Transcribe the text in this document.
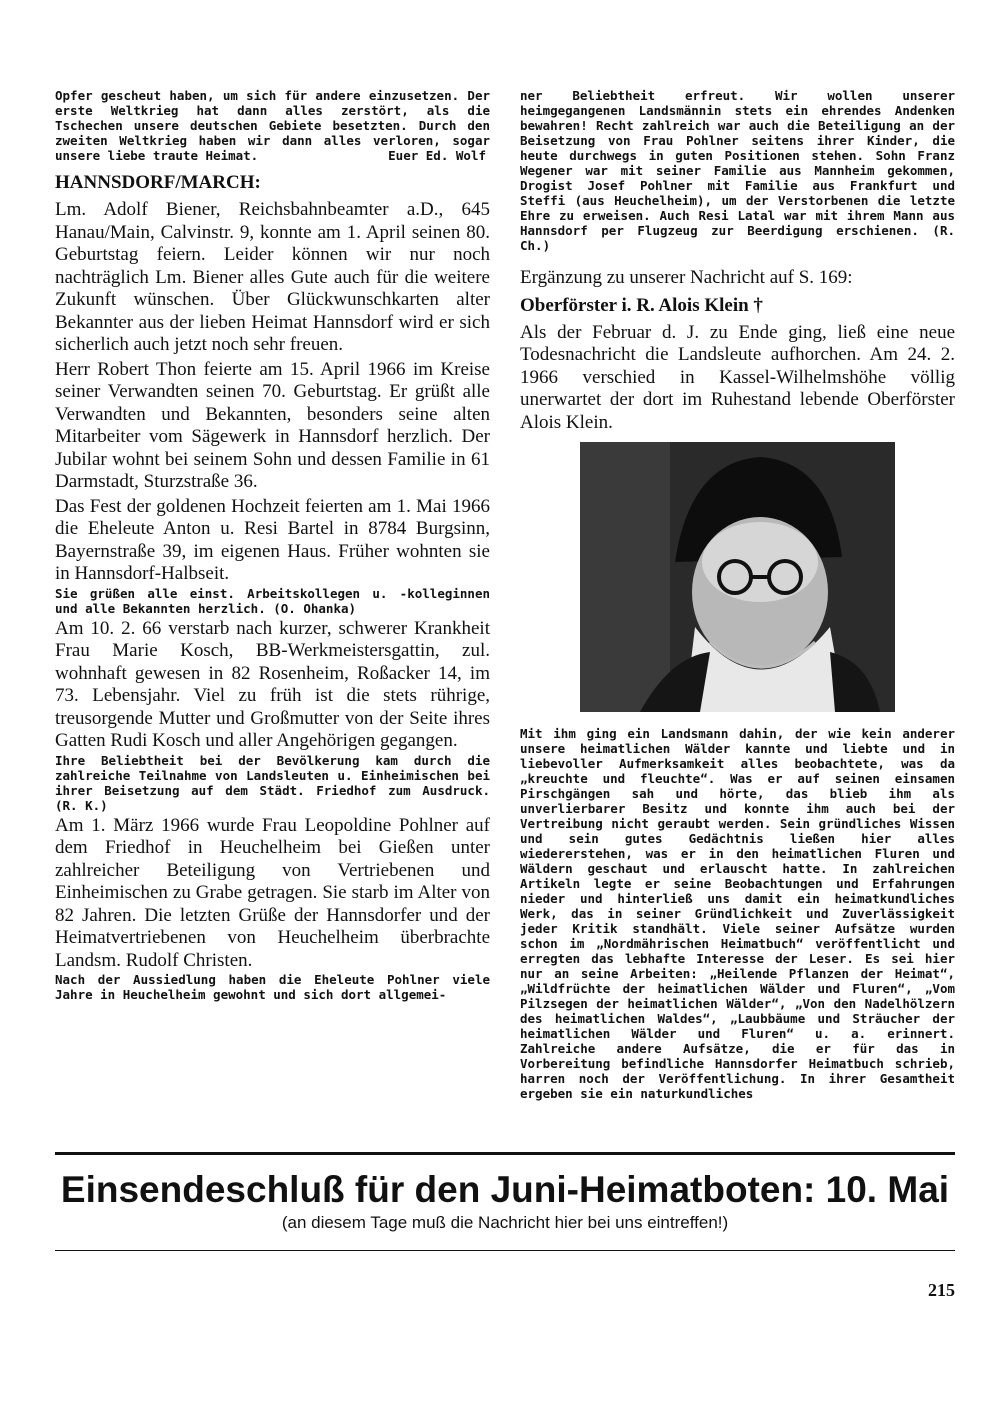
Opfer gescheut haben, um sich für andere einzusetzen. Der erste Weltkrieg hat dann alles zerstört, als die Tschechen unsere deutschen Gebiete besetzten. Durch den zweiten Weltkrieg haben wir dann alles verloren, sogar unsere liebe traute Heimat.	Euer Ed. Wolf

HANNSDORF/MARCH:

Lm. Adolf Biener, Reichsbahnbeamter a.D., 645 Hanau/Main, Calvinstr. 9, konnte am 1. April seinen 80. Geburtstag feiern. Leider können wir nur noch nachträglich Lm. Biener alles Gute auch für die weitere Zukunft wünschen. Über Glückwunschkarten alter Bekannter aus der lieben Heimat Hannsdorf wird er sich sicherlich auch jetzt noch sehr freuen.

Herr Robert Thon feierte am 15. April 1966 im Kreise seiner Verwandten seinen 70. Geburtstag. Er grüßt alle Verwandten und Bekannten, besonders seine alten Mitarbeiter vom Sägewerk in Hannsdorf herzlich. Der Jubilar wohnt bei seinem Sohn und dessen Familie in 61 Darmstadt, Sturzstraße 36.

Das Fest der goldenen Hochzeit feierten am 1. Mai 1966 die Eheleute Anton u. Resi Bartel in 8784 Burgsinn, Bayernstraße 39, im eigenen Haus. Früher wohnten sie in Hannsdorf-Halbseit.

Sie grüßen alle einst. Arbeitskollegen u. -kolleginnen und alle Bekannten herzlich. (O. Ohanka)

Am 10. 2. 66 verstarb nach kurzer, schwerer Krankheit Frau Marie Kosch, BB-Werkmeistersgattin, zul. wohnhaft gewesen in 82 Rosenheim, Roßacker 14, im 73. Lebensjahr. Viel zu früh ist die stets rührige, treusorgende Mutter und Großmutter von der Seite ihres Gatten Rudi Kosch und aller Angehörigen gegangen.

Ihre Beliebtheit bei der Bevölkerung kam durch die zahlreiche Teilnahme von Landsleuten u. Einheimischen bei ihrer Beisetzung auf dem Städt. Friedhof zum Ausdruck. (R. K.)

Am 1. März 1966 wurde Frau Leopoldine Pohlner auf dem Friedhof in Heuchelheim bei Gießen unter zahlreicher Beteiligung von Vertriebenen und Einheimischen zu Grabe getragen. Sie starb im Alter von 82 Jahren. Die letzten Grüße der Hannsdorfer und der Heimatvertriebenen von Heuchelheim überbrachte Landsm. Rudolf Christen.

Nach der Aussiedlung haben die Eheleute Pohlner viele Jahre in Heuchelheim gewohnt und sich dort allgemei-

ner Beliebtheit erfreut. Wir wollen unserer heimgegangenen Landsmännin stets ein ehrendes Andenken bewahren! Recht zahlreich war auch die Beteiligung an der Beisetzung von Frau Pohlner seitens ihrer Kinder, die heute durchwegs in guten Positionen stehen. Sohn Franz Wegener war mit seiner Familie aus Mannheim gekommen, Drogist Josef Pohlner mit Familie aus Frankfurt und Steffi (aus Heuchelheim), um der Verstorbenen die letzte Ehre zu erweisen. Auch Resi Latal war mit ihrem Mann aus Hannsdorf per Flugzeug zur Beerdigung erschienen. (R. Ch.)

Ergänzung zu unserer Nachricht auf S. 169:

Oberförster i. R. Alois Klein †

Als der Februar d. J. zu Ende ging, ließ eine neue Todesnachricht die Landsleute aufhorchen. Am 24. 2. 1966 verschied in Kassel-Wilhelmshöhe völlig unerwartet der dort im Ruhestand lebende Oberförster Alois Klein.

Mit ihm ging ein Landsmann dahin, der wie kein anderer unsere heimatlichen Wälder kannte und liebte und in liebevoller Aufmerksamkeit alles beobachtete, was da „kreuchte und fleuchte“. Was er auf seinen einsamen Pirschgängen sah und hörte, das blieb ihm als unverlierbarer Besitz und konnte ihm auch bei der Vertreibung nicht geraubt werden. Sein gründliches Wissen und sein gutes Gedächtnis ließen hier alles wiedererstehen, was er in den heimatlichen Fluren und Wäldern geschaut und erlauscht hatte. In zahlreichen Artikeln legte er seine Beobachtungen und Erfahrungen nieder und hinterließ uns damit ein heimatkundliches Werk, das in seiner Gründlichkeit und Zuverlässigkeit jeder Kritik standhält. Viele seiner Aufsätze wurden schon im „Nordmährischen Heimatbuch“ veröffentlicht und erregten das lebhafte Interesse der Leser. Es sei hier nur an seine Arbeiten: „Heilende Pflanzen der Heimat“, „Wildfrüchte der heimatlichen Wälder und Fluren“, „Vom Pilzsegen der heimatlichen Wälder“, „Von den Nadelhölzern des heimatlichen Waldes“, „Laubbäume und Sträucher der heimatlichen Wälder und Fluren“ u. a. erinnert. Zahlreiche andere Aufsätze, die er für das in Vorbereitung befindliche Hannsdorfer Heimatbuch schrieb, harren noch der Veröffentlichung. In ihrer Gesamtheit ergeben sie ein naturkundliches

Einsendeschluß für den Juni-Heimatboten: 10. Mai
(an diesem Tage muß die Nachricht hier bei uns eintreffen!)
215
